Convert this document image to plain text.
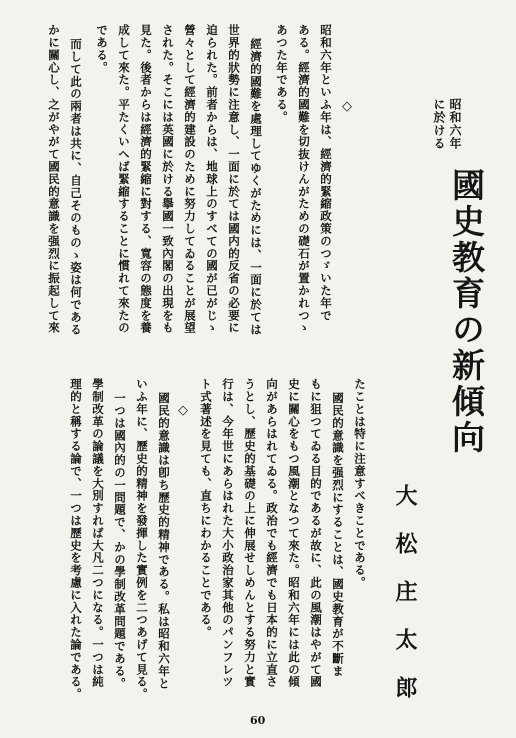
昭和六年といふ年は、經濟的緊縮政策のつゞいた年で

ある。經濟的國難を切抜けんがための礎石が置かれつゝ

あつた年である。

經濟的國難を處理してゆくがためには、一面に於ては

世界的狀勢に注意し、一面に於ては國内的反省の必要に

迫られた。前者からは、地球上のすべての國が已がじゝ

營々として經濟的建設のために努力してゐることが展望

された。そこには英國に於ける擧國一致內閣の出現をも

見た。後者からは經濟的緊縮に對する、寬容の態度を養

成して來た。平たくいへば緊縮することに慣れて來たの

である。

而して此の兩者は共に、自己そのものゝ姿は何である

かに關心し、之がやがて國民的意識を强烈に振起して來	◇
◇

昭和六年

に於ける

國史教育の新傾向

大松庄太郎

たことは特に注意すべきことである。

國民的意識を强烈にすることは、國史教育が不斷ま

もに狙つてゐる目的であるが故に、此の風潮はやがて國

史に關心をもつ風潮となつて來た。昭和六年には此の傾

向があらはれてゐる。政治でも經濟でも日本的に立直さ

うとし、歷史的基礎の上に伸展せしめんとする努力と實

行は、今年世にあらはれた大小政治家其他のパンフレツ

ト式著述を見ても、直ちにわかることである。

國民的意識は卽ち歷史的精神である。私は昭和六年と

いふ年に、歷史的精神を發揮した實例を二つあげて見る。

一つは國內的の一問題で、かの學制改革問題である。

學制改革の論議を大別すれば大凡二つになる。一つは純

理的と稱する論で、一つは歷史を考慮に入れた論である。

60
